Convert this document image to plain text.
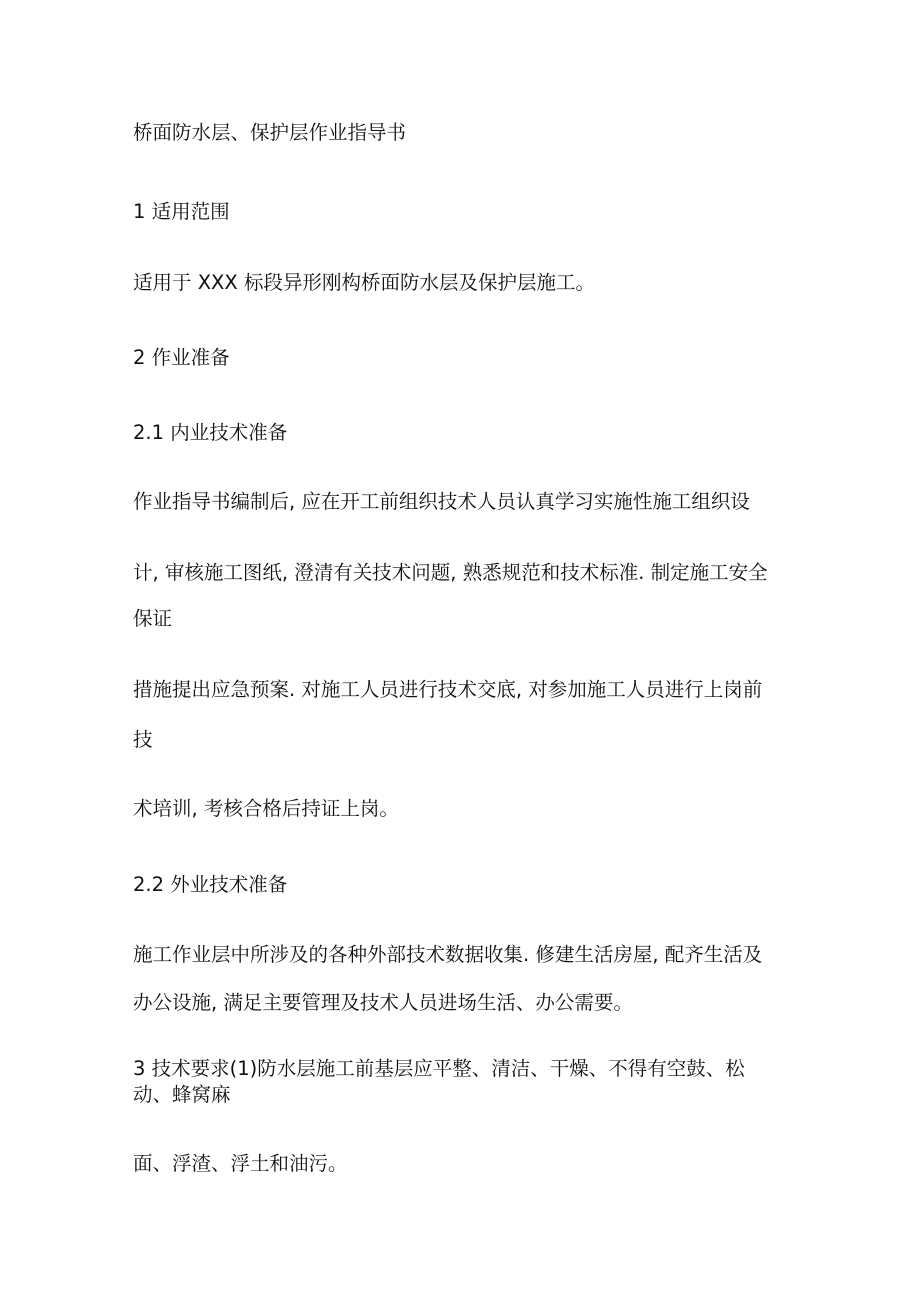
桥面防水层、保护层作业指导书

1 适用范围

适用于 XXX 标段异形刚构桥面防水层及保护层施工。

2 作业准备

2.1 内业技术准备

作业指导书编制后, 应在开工前组织技术人员认真学习实施性施工组织设

计, 审核施工图纸, 澄清有关技术问题, 熟悉规范和技术标准. 制定施工安全

保证

措施提出应急预案. 对施工人员进行技术交底, 对参加施工人员进行上岗前

技

术培训, 考核合格后持证上岗。

2.2 外业技术准备

施工作业层中所涉及的各种外部技术数据收集. 修建生活房屋, 配齐生活及

办公设施, 满足主要管理及技术人员进场生活、办公需要。

3 技术要求(1)防水层施工前基层应平整、清洁、干燥、不得有空鼓、松

动、蜂窝麻

面、浮渣、浮土和油污。
